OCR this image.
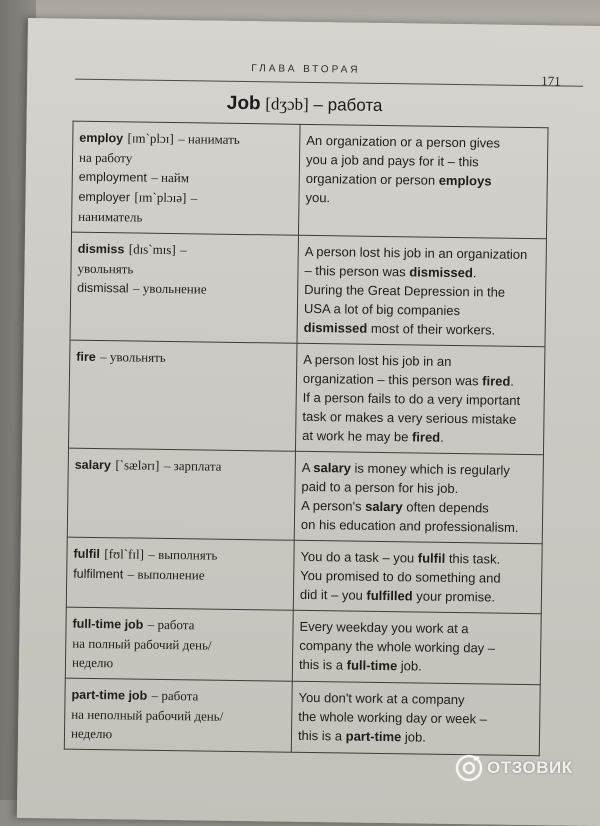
ГЛАВА ВТОРАЯ
171
Job [dʒɔb] – работа
employ [ɪm`plɔɪ] – нанимать
на работу
employment – найм
employer [ɪm`plɔɪə] –
наниматель	An organization or a person gives
you a job and pays for it – this
organization or person employs
you.

dismiss [dɪs`mɪs] –
увольнять
dismissal – увольнение	A person lost his job in an organization
– this person was dismissed.
During the Great Depression in the
USA a lot of big companies
dismissed most of their workers.

fire – увольнять	A person lost his job in an
organization – this person was fired.
If a person fails to do a very important
task or makes a very serious mistake
at work he may be fired.

salary [`sælərɪ] – зарплата	A salary is money which is regularly
paid to a person for his job.
A person's salary often depends
on his education and professionalism.

fulfil [fʊl`fɪl] – выполнять
fulfilment – выполнение	You do a task – you fulfil this task.
You promised to do something and
did it – you fulfilled your promise.

full-time job – работа
на полный рабочий день/
неделю	Every weekday you work at a
company the whole working day –
this is a full-time job.

part-time job – работа
на неполный рабочий день/
неделю	You don't work at a company
the whole working day or week –
this is a part-time job.
ОТЗОВИК
